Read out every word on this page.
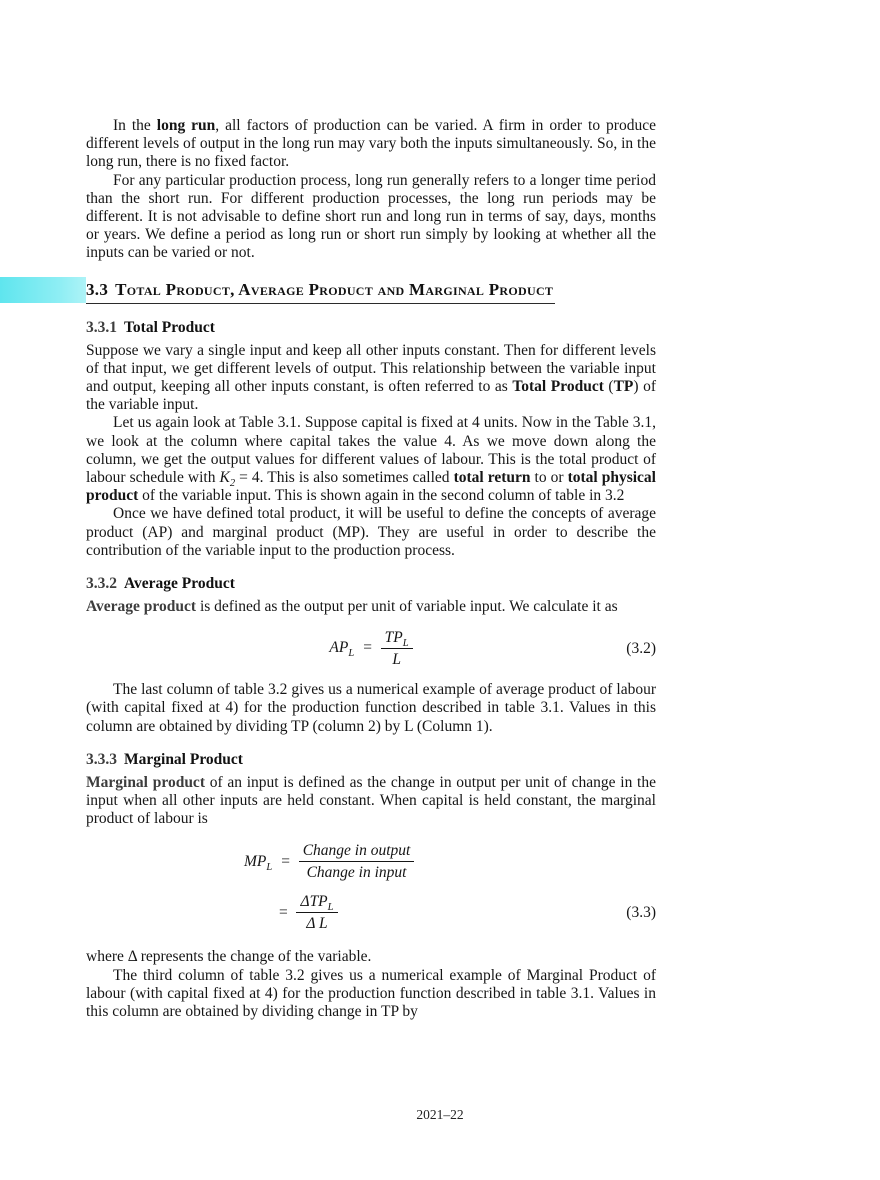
In the long run, all factors of production can be varied. A firm in order to produce different levels of output in the long run may vary both the inputs simultaneously. So, in the long run, there is no fixed factor.

For any particular production process, long run generally refers to a longer time period than the short run. For different production processes, the long run periods may be different. It is not advisable to define short run and long run in terms of say, days, months or years. We define a period as long run or short run simply by looking at whether all the inputs can be varied or not.

3.3 Total Product, Average Product and Marginal Product
3.3.1 Total Product

Suppose we vary a single input and keep all other inputs constant. Then for different levels of that input, we get different levels of output. This relationship between the variable input and output, keeping all other inputs constant, is often referred to as Total Product (TP) of the variable input.

Let us again look at Table 3.1. Suppose capital is fixed at 4 units. Now in the Table 3.1, we look at the column where capital takes the value 4. As we move down along the column, we get the output values for different values of labour. This is the total product of labour schedule with $K_2 = 4$. This is also sometimes called total return to or total physical product of the variable input. This is shown again in the second column of table in 3.2

Once we have defined total product, it will be useful to define the concepts of average product (AP) and marginal product (MP). They are useful in order to describe the contribution of the variable input to the production process.

3.3.2 Average Product

Average product is defined as the output per unit of variable input. We calculate it as

$AP_L = \frac{TP_L}{L}$	(3.2)

The last column of table 3.2 gives us a numerical example of average product of labour (with capital fixed at 4) for the production function described in table 3.1. Values in this column are obtained by dividing TP (column 2) by L (Column 1).

3.3.3 Marginal Product

Marginal product of an input is defined as the change in output per unit of change in the input when all other inputs are held constant. When capital is held constant, the marginal product of labour is

$MP_L = \frac{\text{Change in output}}{\text{Change in input}}$
= $\frac{\Delta TP_L}{\text{Δ L}}$	(3.3)

where Δ represents the change of the variable.

The third column of table 3.2 gives us a numerical example of Marginal Product of labour (with capital fixed at 4) for the production function described in table 3.1. Values in this column are obtained by dividing change in TP by

2021–22
